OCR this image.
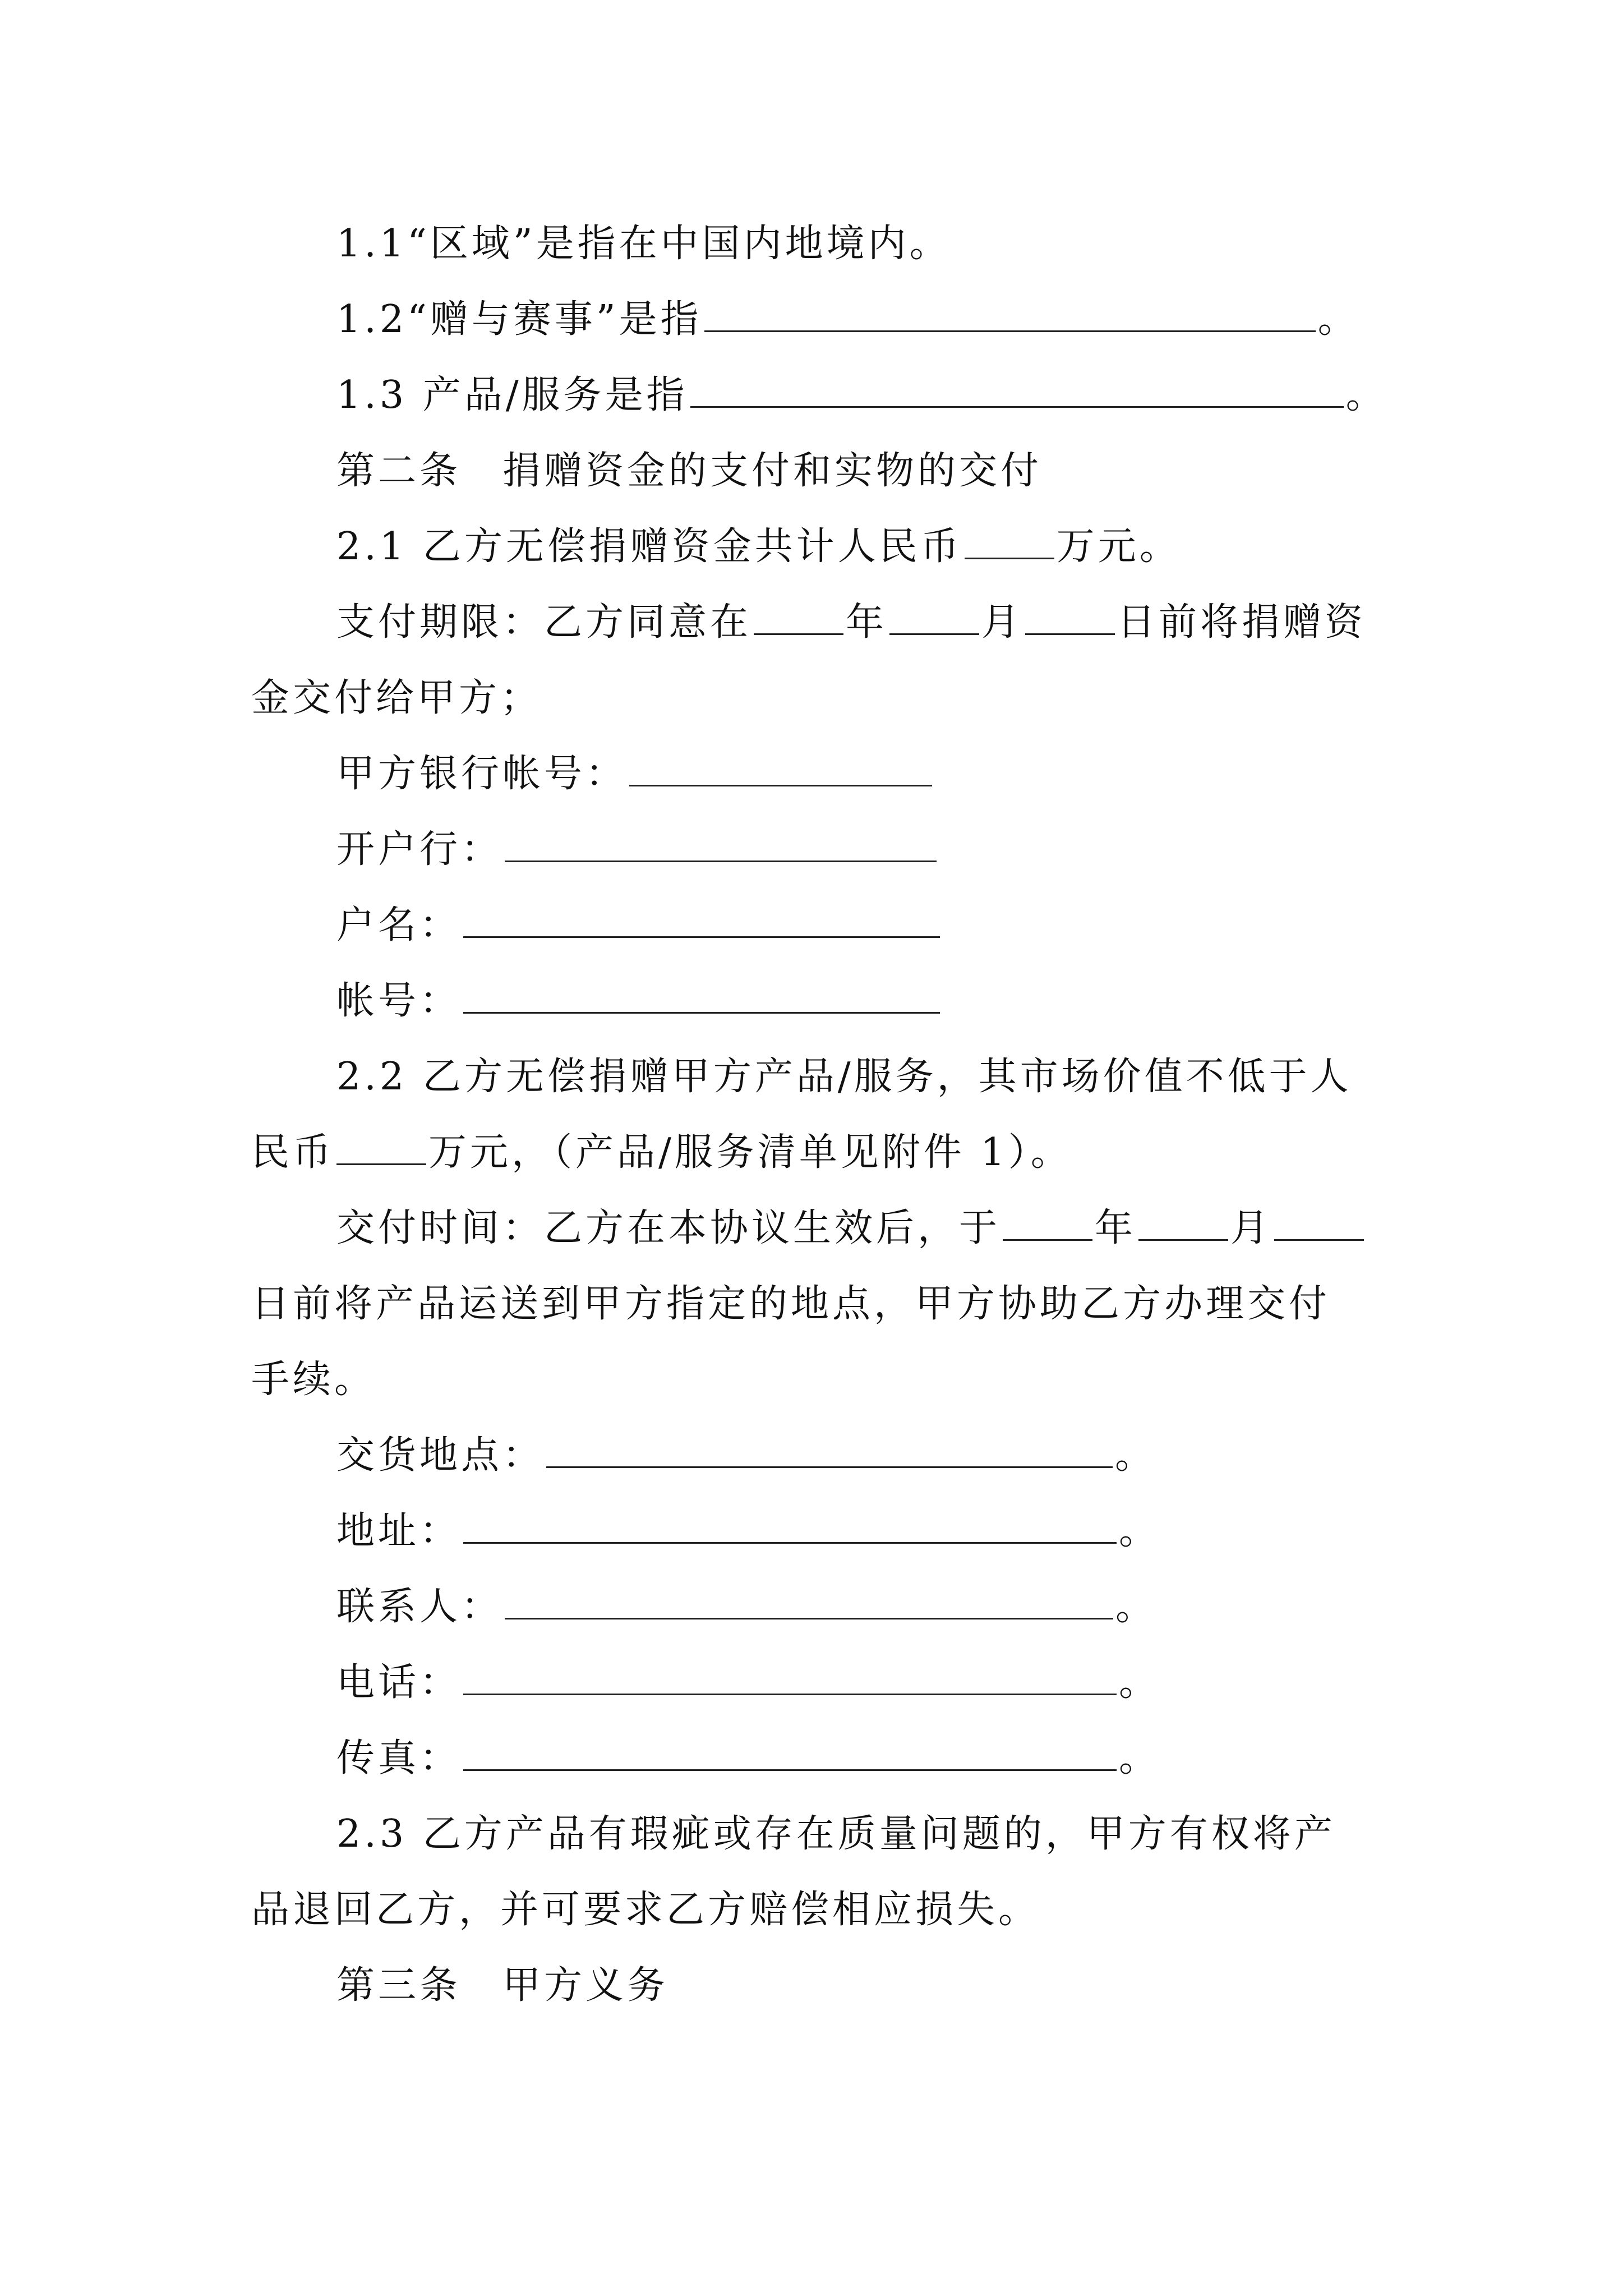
1.1“区域”是指在中国内地境内。
1.2“赠与赛事”是指	。
1.3 产品/服务是指	。
第二条　捐赠资金的支付和实物的交付
2.1 乙方无偿捐赠资金共计人民币 万元。
支付期限：乙方同意在 年 月 日前将捐赠资
金交付给甲方；
甲方银行帐号：
开户行：
户名：
帐号：
2.2 乙方无偿捐赠甲方产品/服务，其市场价值不低于人
民币 万元，（产品/服务清单见附件 1）。
交付时间：乙方在本协议生效后，于 年 月
日前将产品运送到甲方指定的地点，甲方协助乙方办理交付
手续。
交货地点：	。
地址：	。
联系人：	。
电话：	。
传真：	。
2.3 乙方产品有瑕疵或存在质量问题的，甲方有权将产
品退回乙方，并可要求乙方赔偿相应损失。
第三条　甲方义务
